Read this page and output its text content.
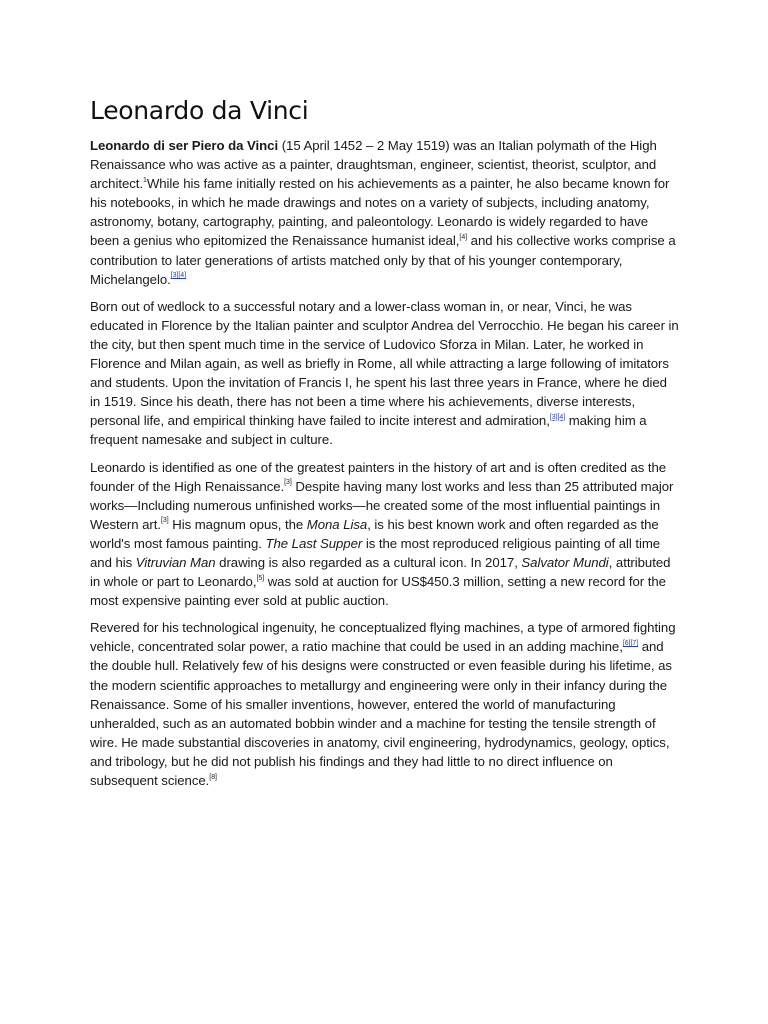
Leonardo da Vinci

Leonardo di ser Piero da Vinci (15 April 1452 – 2 May 1519) was an Italian polymath of the High Renaissance who was active as a painter, draughtsman, engineer, scientist, theorist, sculptor, and architect.$^1$While his fame initially rested on his achievements as a painter, he also became known for his notebooks, in which he made drawings and notes on a variety of subjects, including anatomy, astronomy, botany, cartography, painting, and paleontology. Leonardo is widely regarded to have been a genius who epitomized the Renaissance humanist ideal,[4] and his collective works comprise a contribution to later generations of artists matched only by that of his younger contemporary, Michelangelo.[3][4]

Born out of wedlock to a successful notary and a lower-class woman in, or near, Vinci, he was educated in Florence by the Italian painter and sculptor Andrea del Verrocchio. He began his career in the city, but then spent much time in the service of Ludovico Sforza in Milan. Later, he worked in Florence and Milan again, as well as briefly in Rome, all while attracting a large following of imitators and students. Upon the invitation of Francis I, he spent his last three years in France, where he died in 1519. Since his death, there has not been a time where his achievements, diverse interests, personal life, and empirical thinking have failed to incite interest and admiration,[3][4] making him a frequent namesake and subject in culture.

Leonardo is identified as one of the greatest painters in the history of art and is often credited as the founder of the High Renaissance.[3] Despite having many lost works and less than 25 attributed major works—Including numerous unfinished works—he created some of the most influential paintings in Western art.[3] His magnum opus, the Mona Lisa, is his best known work and often regarded as the world's most famous painting. The Last Supper is the most reproduced religious painting of all time and his Vitruvian Man drawing is also regarded as a cultural icon. In 2017, Salvator Mundi, attributed in whole or part to Leonardo,[5] was sold at auction for US$450.3 million, setting a new record for the most expensive painting ever sold at public auction.

Revered for his technological ingenuity, he conceptualized flying machines, a type of armored fighting vehicle, concentrated solar power, a ratio machine that could be used in an adding machine,[6][7] and the double hull. Relatively few of his designs were constructed or even feasible during his lifetime, as the modern scientific approaches to metallurgy and engineering were only in their infancy during the Renaissance. Some of his smaller inventions, however, entered the world of manufacturing unheralded, such as an automated bobbin winder and a machine for testing the tensile strength of wire. He made substantial discoveries in anatomy, civil engineering, hydrodynamics, geology, optics, and tribology, but he did not publish his findings and they had little to no direct influence on subsequent science.[8]
